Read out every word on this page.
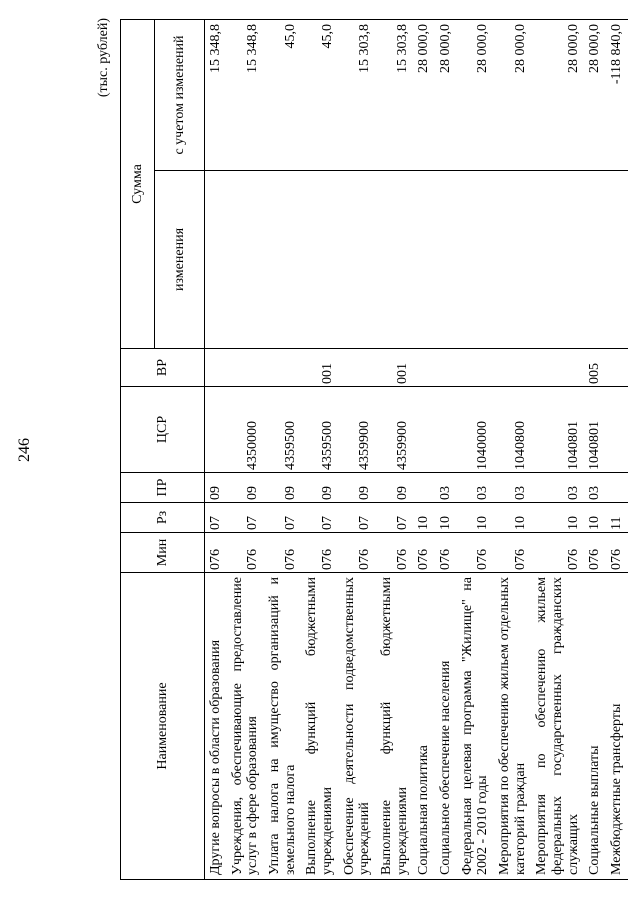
246
(тыс. рублей)
Наименование	Мин	Рз	ПР	ЦСР	ВР	Сумма	
						изменения	с учетом изменений
Другие вопросы в области образования	076	07	09				15 348,8
Учреждения, обеспечивающие предоставление услуг в сфере образования	076	07	09	4350000			15 348,8
Уплата налога на имущество организаций и земельного налога	076	07	09	4359500			45,0
Выполнение функций бюджетными учреждениями	076	07	09	4359500	001		45,0
Обеспечение деятельности подведомственных учреждений	076	07	09	4359900			15 303,8
Выполнение функций бюджетными учреждениями	076	07	09	4359900	001		15 303,8
Социальная политика	076	10					28 000,0
Социальное обеспечение населения	076	10	03				28 000,0
Федеральная целевая программа "Жилище" на 2002 - 2010 годы	076	10	03	1040000			28 000,0
Мероприятия по обеспечению жильем отдельных категорий граждан	076	10	03	1040800			28 000,0
Мероприятия по обеспечению жильем федеральных государственных гражданских служащих	076	10	03	1040801			28 000,0
Социальные выплаты	076	10	03	1040801	005		28 000,0
Межбюджетные трансферты	076	11					-118 840,0
